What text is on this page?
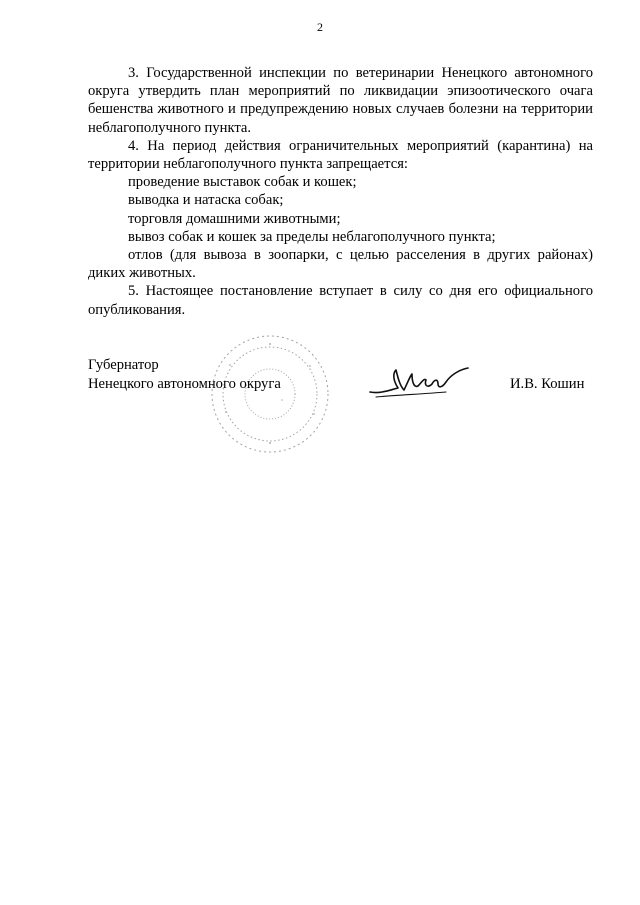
2

3. Государственной инспекции по ветеринарии Ненецкого автономного округа утвердить план мероприятий по ликвидации эпизоотического очага бешенства животного и предупреждению новых случаев болезни на территории неблагополучного пункта.

4. На период действия ограничительных мероприятий (карантина) на территории неблагополучного пункта запрещается:

проведение выставок собак и кошек;

выводка и натаска собак;

торговля домашними животными;

вывоз собак и кошек за пределы неблагополучного пункта;

отлов (для вывоза в зоопарки, с целью расселения в других районах) диких животных.

5. Настоящее постановление вступает в силу со дня его официального опубликования.

Губернатор
Ненецкого автономного округа	И.В. Кошин
